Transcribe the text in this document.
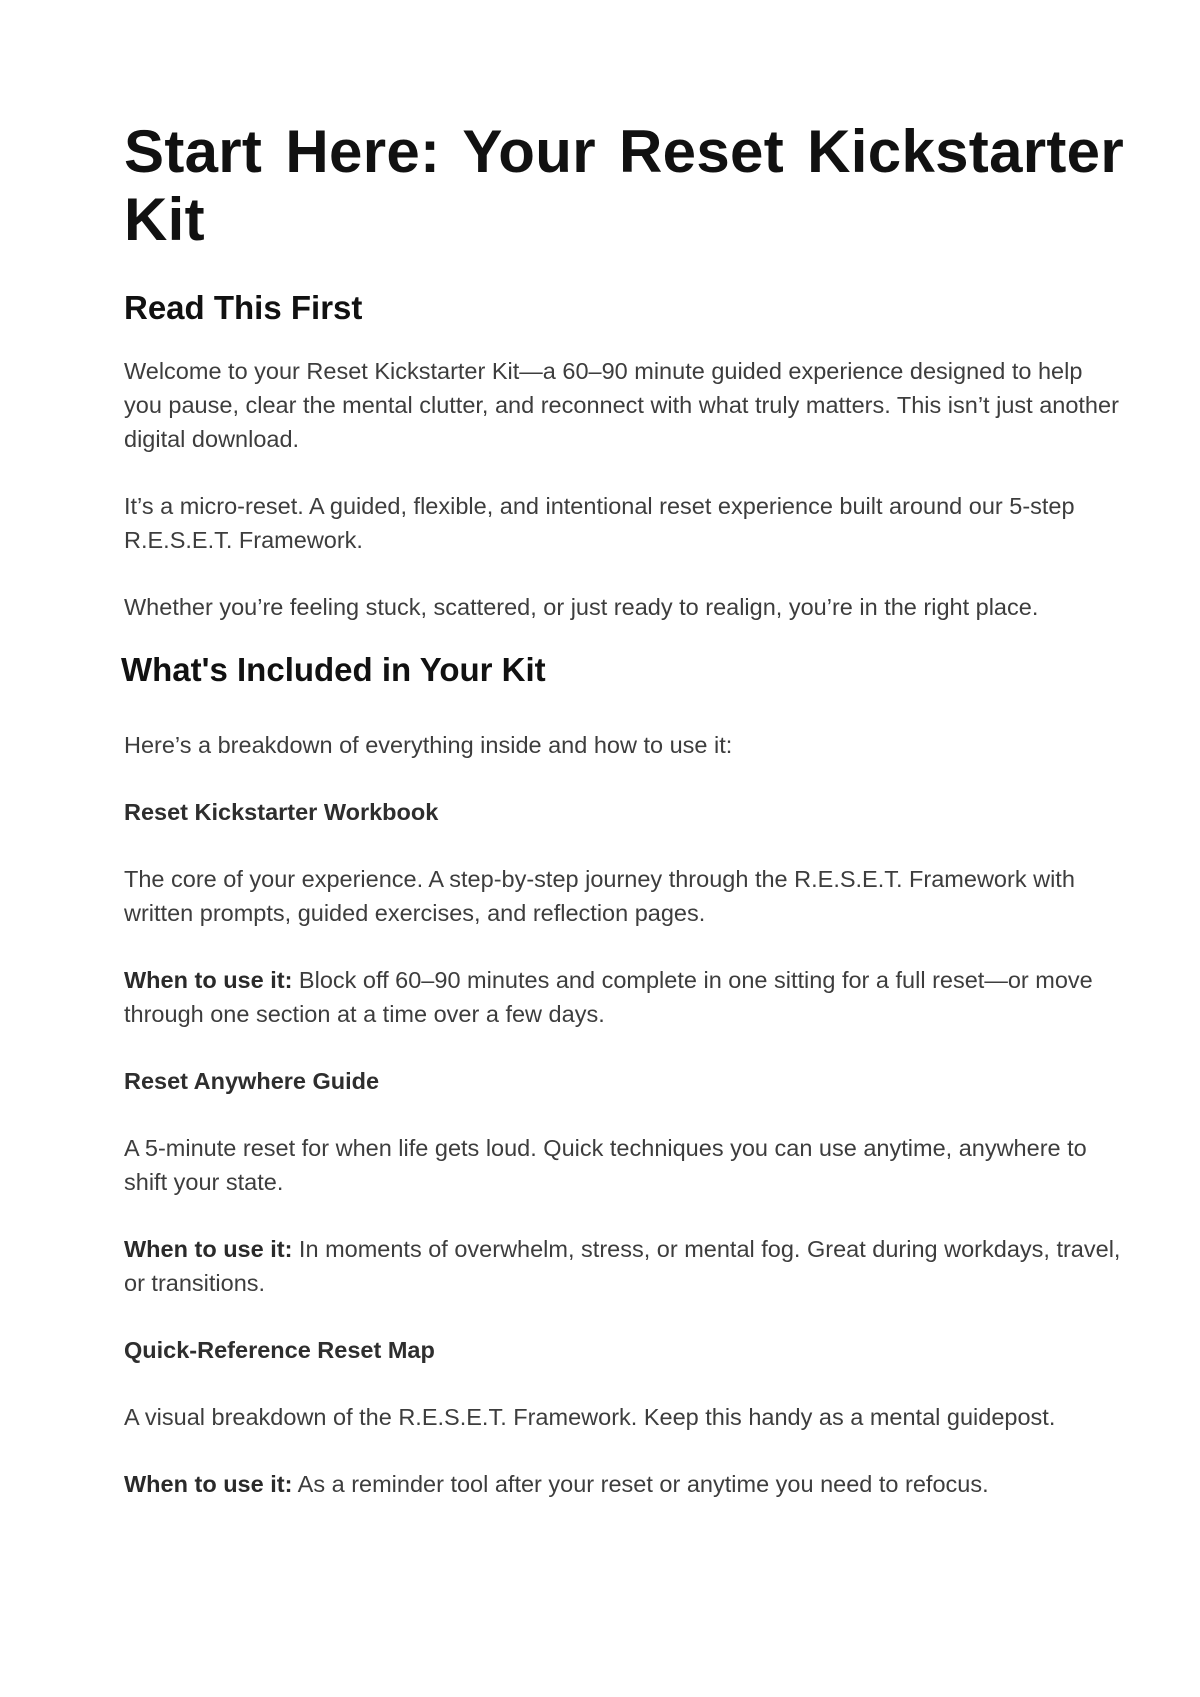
Start Here: Your Reset Kickstarter Kit
Read This First

Welcome to your Reset Kickstarter Kit—a 60–90 minute guided experience designed to help you pause, clear the mental clutter, and reconnect with what truly matters. This isn’t just another digital download.

It’s a micro-reset. A guided, flexible, and intentional reset experience built around our 5-step R.E.S.E.T. Framework.

Whether you’re feeling stuck, scattered, or just ready to realign, you’re in the right place.

What's Included in Your Kit

Here’s a breakdown of everything inside and how to use it:

Reset Kickstarter Workbook

The core of your experience. A step-by-step journey through the R.E.S.E.T. Framework with written prompts, guided exercises, and reflection pages.

When to use it: Block off 60–90 minutes and complete in one sitting for a full reset—or move through one section at a time over a few days.

Reset Anywhere Guide

A 5-minute reset for when life gets loud. Quick techniques you can use anytime, anywhere to shift your state.

When to use it: In moments of overwhelm, stress, or mental fog. Great during workdays, travel, or transitions.

Quick-Reference Reset Map

A visual breakdown of the R.E.S.E.T. Framework. Keep this handy as a mental guidepost.

When to use it: As a reminder tool after your reset or anytime you need to refocus.
